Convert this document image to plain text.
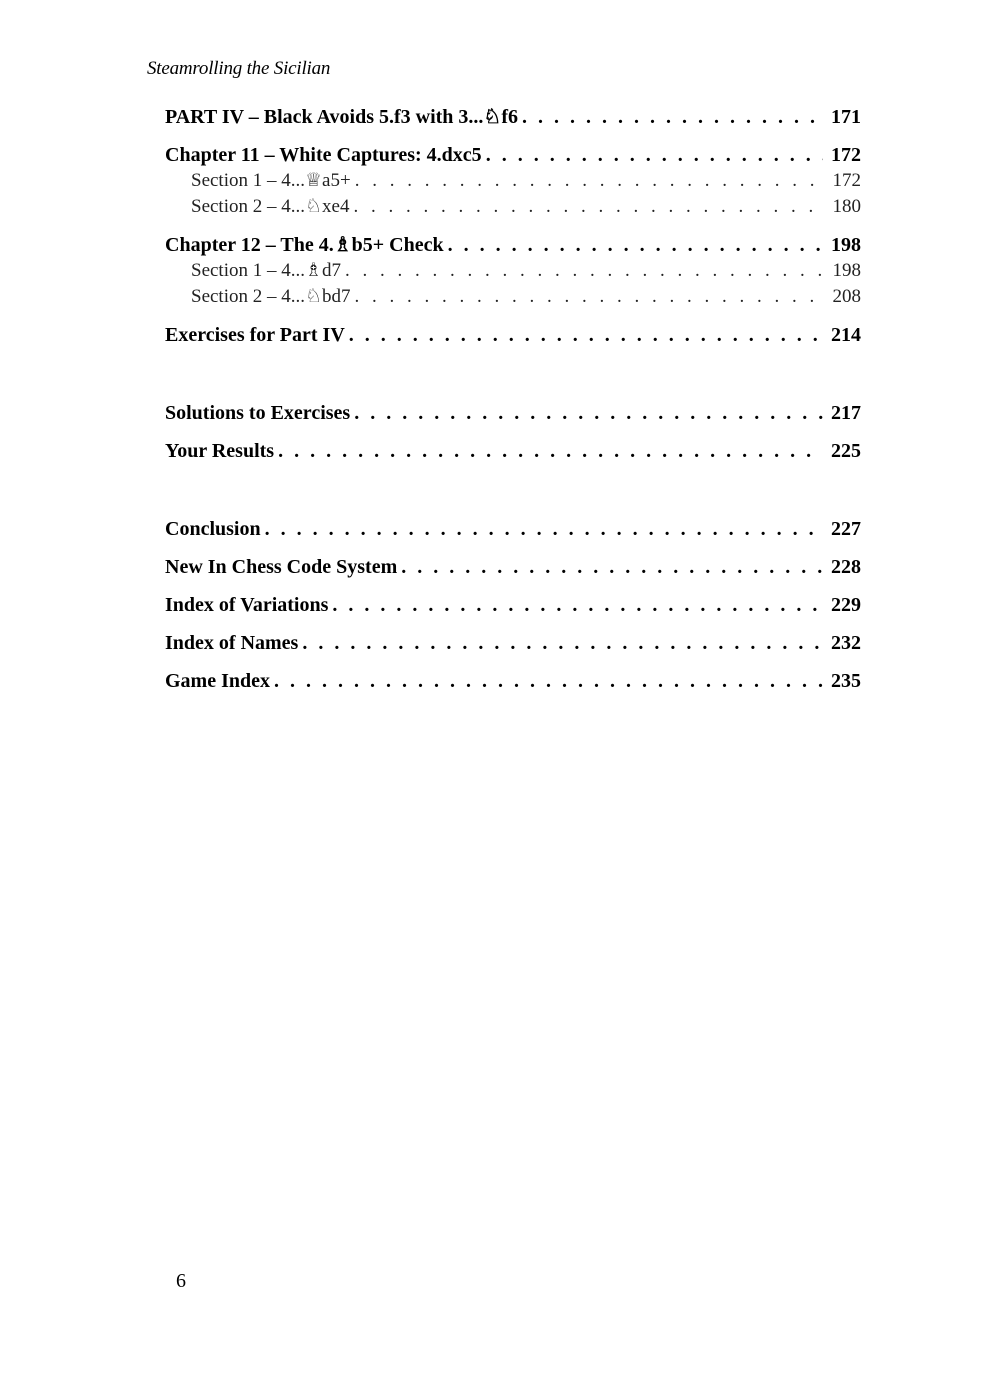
Steamrolling the Sicilian
PART IV – Black Avoids 5.f3 with 3...♘f6 . . .	171
Chapter 11 – White Captures: 4.dxc5 . . .	172
Section 1 – 4...♕a5+ . . .	172
Section 2 – 4...♘xe4 . . .	180
Chapter 12 – The 4.♗b5+ Check . . .	198
Section 1 – 4...♗d7 . . .	198
Section 2 – 4...♘bd7 . . .	208
Exercises for Part IV . . .	214
Solutions to Exercises . . .	217
Your Results . . .	225
Conclusion . . .	227
New In Chess Code System . . .	228
Index of Variations . . .	229
Index of Names . . .	232
Game Index . . .	235
6
